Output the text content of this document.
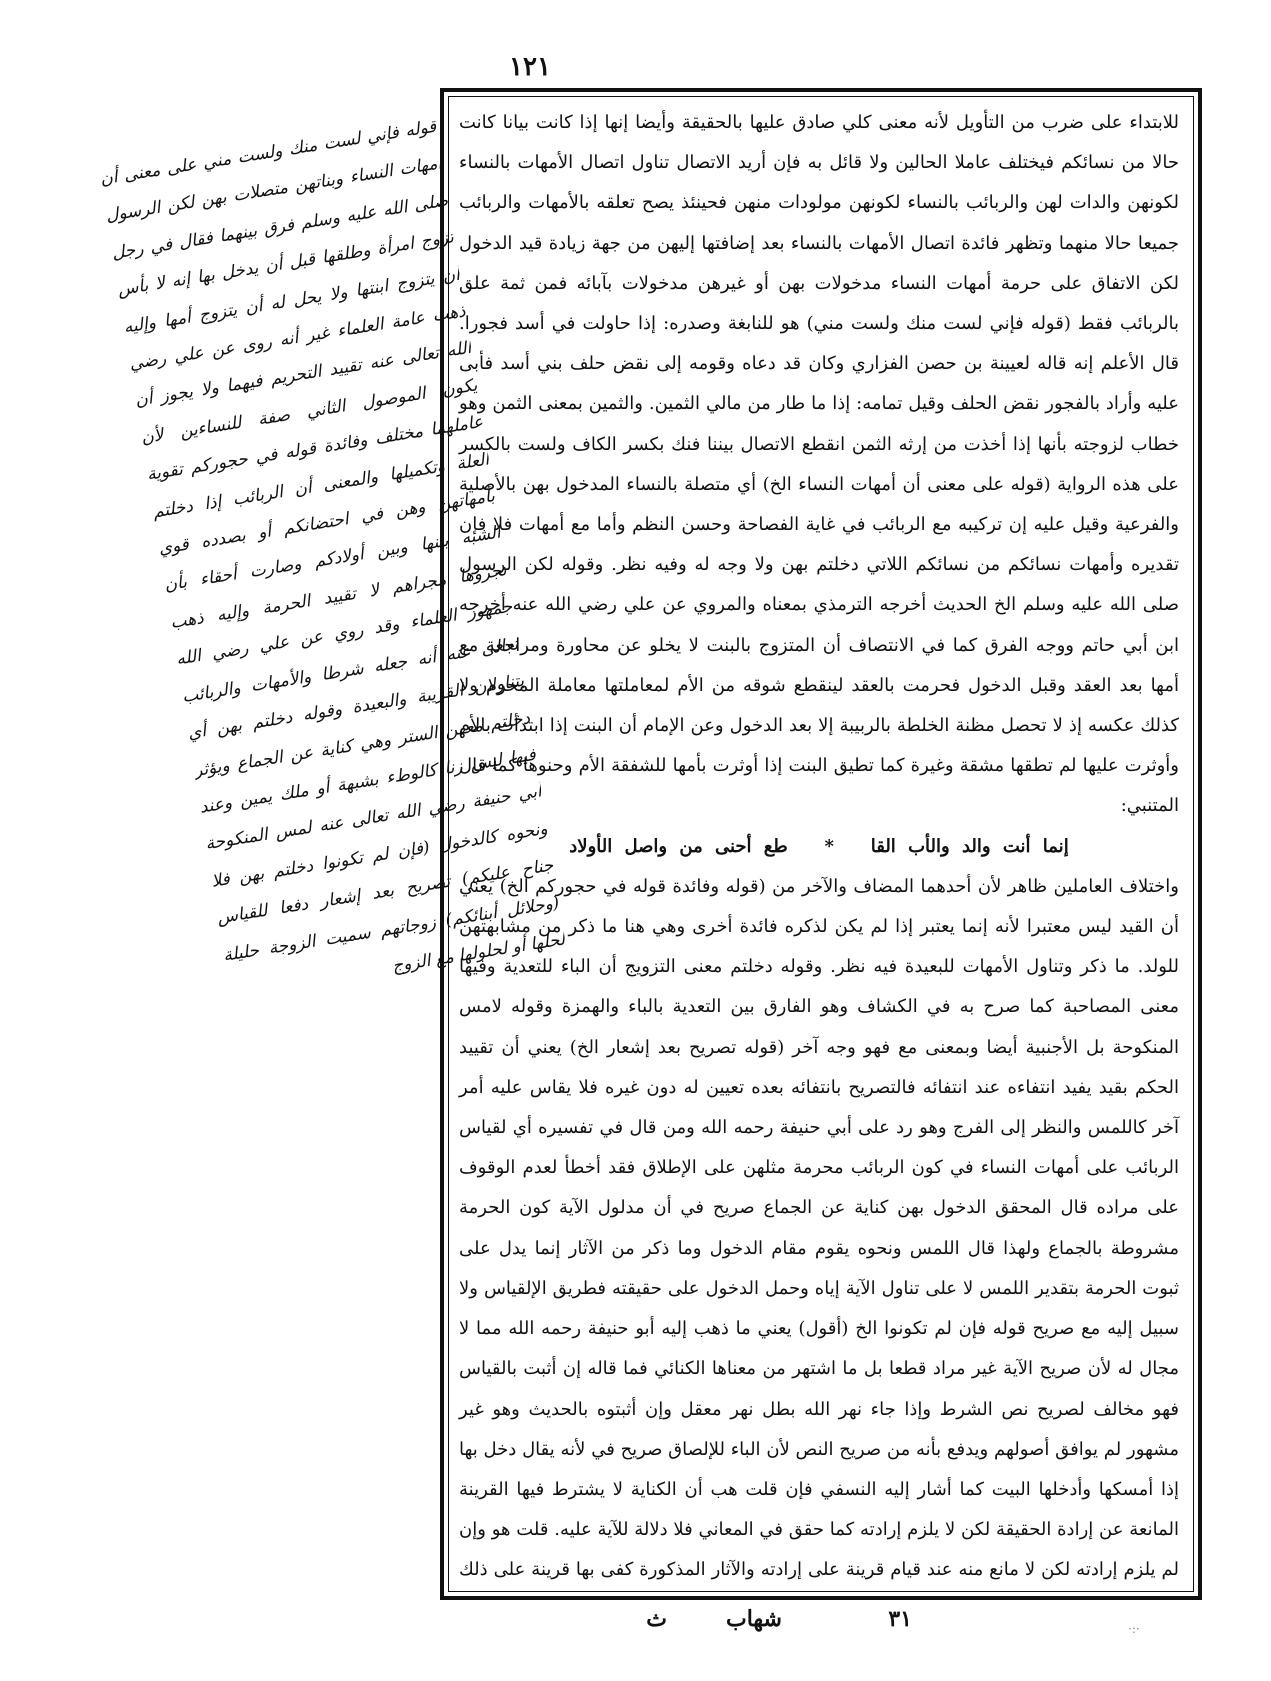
١٢١

قوله فإني لست منك ولست مني على معنى أن أمهات النساء وبناتهن متصلات بهن لكن الرسول صلى الله عليه وسلم فرق بينهما فقال في رجل تزوج امرأة وطلقها قبل أن يدخل بها إنه لا بأس أن يتزوج ابنتها ولا يحل له أن يتزوج أمها وإليه ذهب عامة العلماء غير أنه روى عن علي رضي الله تعالى عنه تقييد التحريم فيهما ولا يجوز أن يكون الموصول الثاني صفة للنساءين لأن عاملهما مختلف وفائدة قوله في حجوركم تقوية العلة وتكميلها والمعنى أن الربائب إذا دخلتم بأمهاتهن وهن في احتضانكم أو بصدده قوي الشبه بينها وبين أولادكم وصارت أحقاء بأن تجروها مجراهم لا تقييد الحرمة وإليه ذهب جمهور العلماء وقد روي عن علي رضي الله تعالى عنه أنه جعله شرطا والأمهات والربائب يتناولان القريبة والبعيدة وقوله دخلتم بهن أي دخلتم معهن الستر وهي كناية عن الجماع ويؤثر فيها ليس زنا كالوطء بشبهة أو ملك يمين وعند أبي حنيفة رضي الله تعالى عنه لمس المنكوحة ونحوه كالدخول (فإن لم تكونوا دخلتم بهن فلا جناح عليكم) تصريح بعد إشعار دفعا للقياس (وحلائل أبنائكم) زوجاتهم سميت الزوجة حليلة لحلها أو لحلولها مع الزوج

للابتداء على ضرب من التأويل لأنه معنى كلي صادق عليها بالحقيقة وأيضا إنها إذا كانت بيانا كانت حالا من نسائكم فيختلف عاملا الحالين ولا قائل به فإن أريد الاتصال تناول اتصال الأمهات بالنساء لكونهن والدات لهن والربائب بالنساء لكونهن مولودات منهن فحينئذ يصح تعلقه بالأمهات والربائب جميعا حالا منهما وتظهر فائدة اتصال الأمهات بالنساء بعد إضافتها إليهن من جهة زيادة قيد الدخول لكن الاتفاق على حرمة أمهات النساء مدخولات بهن أو غيرهن مدخولات بآبائه فمن ثمة علق بالربائب فقط (قوله فإني لست منك ولست مني) هو للنابغة وصدره: إذا حاولت في أسد فجورا. قال الأعلم إنه قاله لعيينة بن حصن الفزاري وكان قد دعاه وقومه إلى نقض حلف بني أسد فأبى عليه وأراد بالفجور نقض الحلف وقيل تمامه: إذا ما طار من مالي الثمين. والثمين بمعنى الثمن وهو خطاب لزوجته بأنها إذا أخذت من إرثه الثمن انقطع الاتصال بيننا فنك بكسر الكاف ولست بالكسر على هذه الرواية (قوله على معنى أن أمهات النساء الخ) أي متصلة بالنساء المدخول بهن بالأصلية والفرعية وقيل عليه إن تركيبه مع الربائب في غاية الفصاحة وحسن النظم وأما مع أمهات فلا فإن تقديره وأمهات نسائكم من نسائكم اللاتي دخلتم بهن ولا وجه له وفيه نظر. وقوله لكن الرسول صلى الله عليه وسلم الخ الحديث أخرجه الترمذي بمعناه والمروي عن علي رضي الله عنه أخرجه ابن أبي حاتم ووجه الفرق كما في الانتصاف أن المتزوج بالبنت لا يخلو عن محاورة ومراجعة مع أمها بعد العقد وقبل الدخول فحرمت بالعقد لينقطع شوقه من الأم لمعاملتها معاملة المحرم ولا كذلك عكسه إذ لا تحصل مظنة الخلطة بالربيبة إلا بعد الدخول وعن الإمام أن البنت إذا ابتدأت بالأم وأوثرت عليها لم تطقها مشقة وغيرة كما تطيق البنت إذا أوثرت بأمها للشفقة الأم وحنوها كما قال المتنبي:

إنما أنت والد والأب القا   *   طع أحنى من واصل الأولاد

واختلاف العاملين ظاهر لأن أحدهما المضاف والآخر من (قوله وفائدة قوله في حجوركم الخ) يعني أن القيد ليس معتبرا لأنه إنما يعتبر إذا لم يكن لذكره فائدة أخرى وهي هنا ما ذكر من مشابهتهن للولد. ما ذكر وتناول الأمهات للبعيدة فيه نظر. وقوله دخلتم معنى التزويج أن الباء للتعدية وفيها معنى المصاحبة كما صرح به في الكشاف وهو الفارق بين التعدية بالباء والهمزة وقوله لامس المنكوحة بل الأجنبية أيضا وبمعنى مع فهو وجه آخر (قوله تصريح بعد إشعار الخ) يعني أن تقييد الحكم بقيد يفيد انتفاءه عند انتفائه فالتصريح بانتفائه بعده تعيين له دون غيره فلا يقاس عليه أمر آخر كاللمس والنظر إلى الفرج وهو رد على أبي حنيفة رحمه الله ومن قال في تفسيره أي لقياس الربائب على أمهات النساء في كون الربائب محرمة مثلهن على الإطلاق فقد أخطأ لعدم الوقوف على مراده قال المحقق الدخول بهن كناية عن الجماع صريح في أن مدلول الآية كون الحرمة مشروطة بالجماع ولهذا قال اللمس ونحوه يقوم مقام الدخول وما ذكر من الآثار إنما يدل على ثبوت الحرمة بتقدير اللمس لا على تناول الآية إياه وحمل الدخول على حقيقته فطريق الإلقياس ولا سبيل إليه مع صريح قوله فإن لم تكونوا الخ (أقول) يعني ما ذهب إليه أبو حنيفة رحمه الله مما لا مجال له لأن صريح الآية غير مراد قطعا بل ما اشتهر من معناها الكنائي فما قاله إن أثبت بالقياس فهو مخالف لصريح نص الشرط وإذا جاء نهر الله بطل نهر معقل وإن أثبتوه بالحديث وهو غير مشهور لم يوافق أصولهم ويدفع بأنه من صريح النص لأن الباء للإلصاق صريح في لأنه يقال دخل بها إذا أمسكها وأدخلها البيت كما أشار إليه النسفي فإن قلت هب أن الكناية لا يشترط فيها القرينة المانعة عن إرادة الحقيقة لكن لا يلزم إرادته كما حقق في المعاني فلا دلالة للآية عليه. قلت هو وإن لم يلزم إرادته لكن لا مانع منه عند قيام قرينة على إرادته والآثار المذكورة كفى بها قرينة على ذلك

٣١
شهاب
ث	·:·
